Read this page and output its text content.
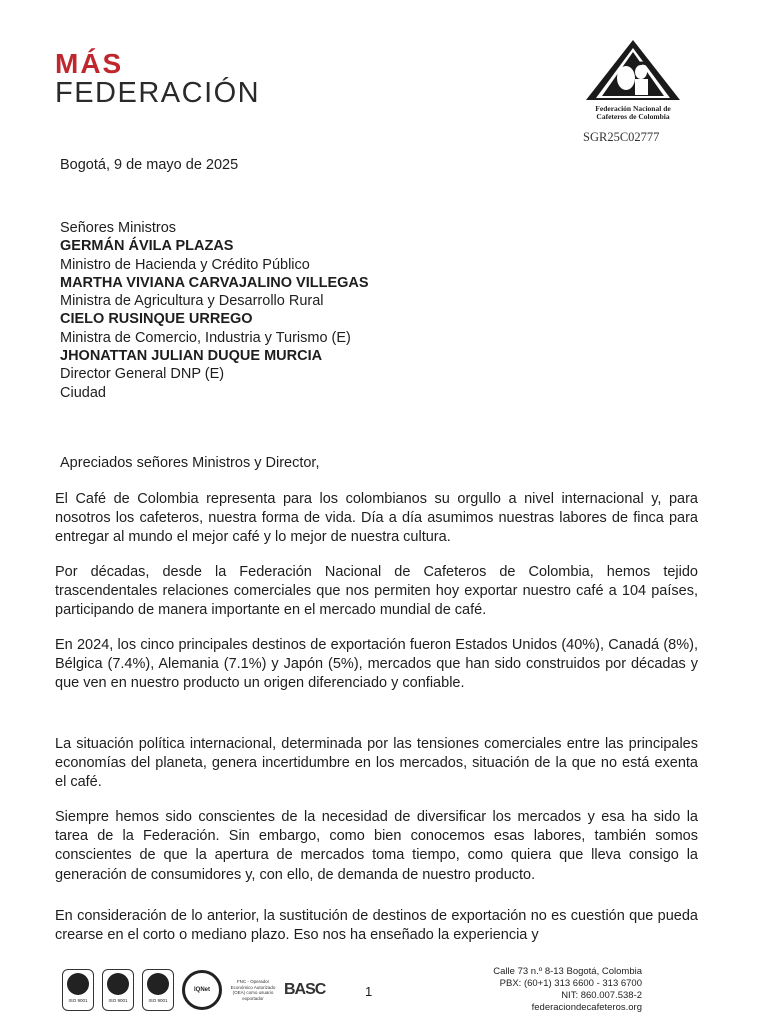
MÁS
FEDERACIÓN	Federación Nacional de
Cafeteros de Colombia
SGR25C02777
Bogotá, 9 de mayo de 2025
Señores Ministros
GERMÁN ÁVILA PLAZAS
Ministro de Hacienda y Crédito Público
MARTHA VIVIANA CARVAJALINO VILLEGAS
Ministra de Agricultura y Desarrollo Rural
CIELO RUSINQUE URREGO
Ministra de Comercio, Industria y Turismo (E)
JHONATTAN JULIAN DUQUE MURCIA
Director General DNP (E)
Ciudad
Apreciados señores Ministros y Director,
El Café de Colombia representa para los colombianos su orgullo a nivel internacional y, para nosotros los cafeteros, nuestra forma de vida. Día a día asumimos nuestras labores de finca para entregar al mundo el mejor café y lo mejor de nuestra cultura.
Por décadas, desde la Federación Nacional de Cafeteros de Colombia, hemos tejido trascendentales relaciones comerciales que nos permiten hoy exportar nuestro café a 104 países, participando de manera importante en el mercado mundial de café.
En 2024, los cinco principales destinos de exportación fueron Estados Unidos (40%), Canadá (8%), Bélgica (7.4%), Alemania (7.1%) y Japón (5%), mercados que han sido construidos por décadas y que ven en nuestro producto un origen diferenciado y confiable.
La situación política internacional, determinada por las tensiones comerciales entre las principales economías del planeta, genera incertidumbre en los mercados, situación de la que no está exenta el café.
Siempre hemos sido conscientes de la necesidad de diversificar los mercados y esa ha sido la tarea de la Federación. Sin embargo, como bien conocemos esas labores, también somos conscientes de que la apertura de mercados toma tiempo, como quiera que lleva consigo la generación de consumidores y, con ello, de demanda de nuestro producto.
En consideración de lo anterior, la sustitución de destinos de exportación no es cuestión que pueda crearse en el corto o mediano plazo. Eso nos ha enseñado la experiencia y
ISO 9001	ISO 9001	ISO 9001
IQNet
FNC - Operador Económico Autorizado (OEA) como usuario exportador	BASC	1
Calle 73 n.º 8-13 Bogotá, Colombia
PBX: (60+1) 313 6600 - 313 6700
NIT: 860.007.538-2
federaciondecafeteros.org
